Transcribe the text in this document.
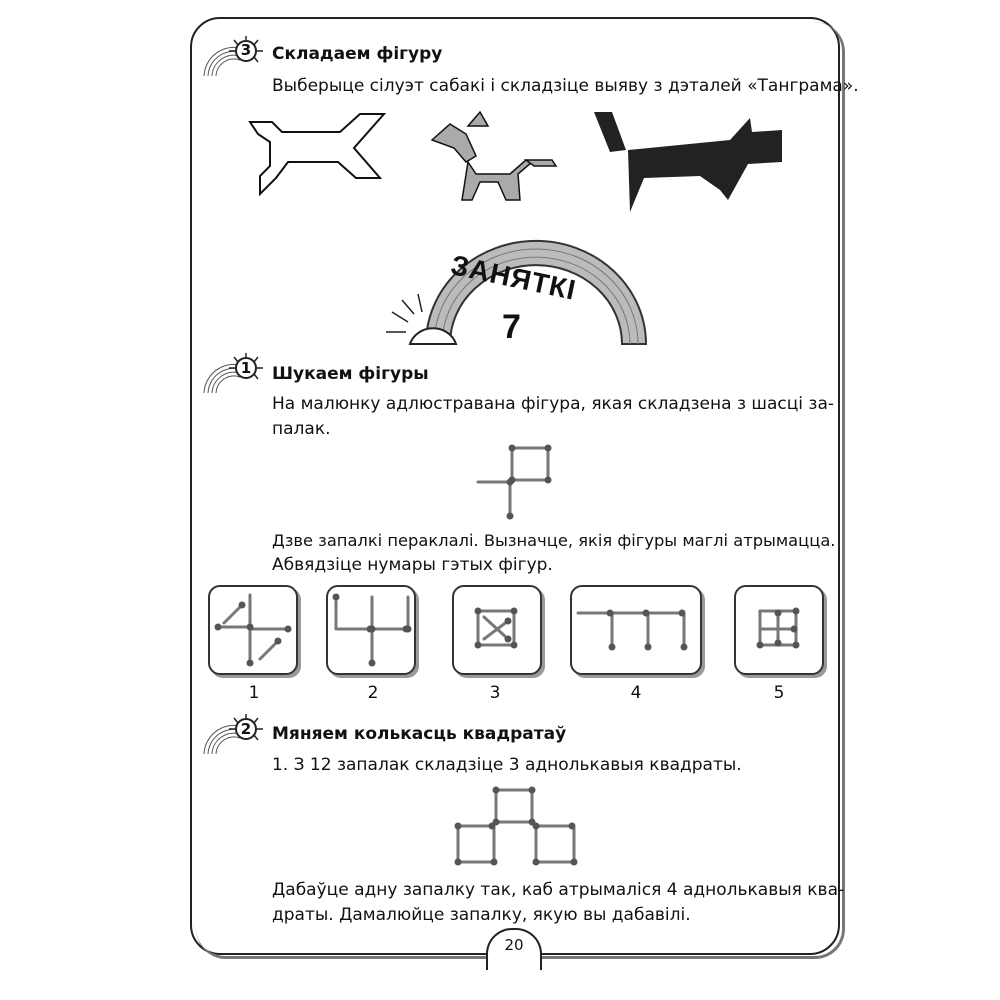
3 Складаем фігуру
Выберыце сілуэт сабакі і складзіце выяву з дэталей «Танграма».
ЗАНЯТКІ
7
1 Шукаем фігуры
На малюнку адлюстравана фігура, якая складзена з шасці за-
палак.
Дзве запалкі пераклалі. Вызначце, якія фігуры маглі атрымацца.
Абвядзіце нумары гэтых фігур.
1	2	3	4	5
2 Мяняем колькасць квадратаў
1. З 12 запалак складзіце 3 аднолькавыя квадраты.
Дабаўце адну запалку так, каб атрымаліся 4 аднолькавыя ква-
драты. Дамалюйце запалку, якую вы дабавілі.
20
